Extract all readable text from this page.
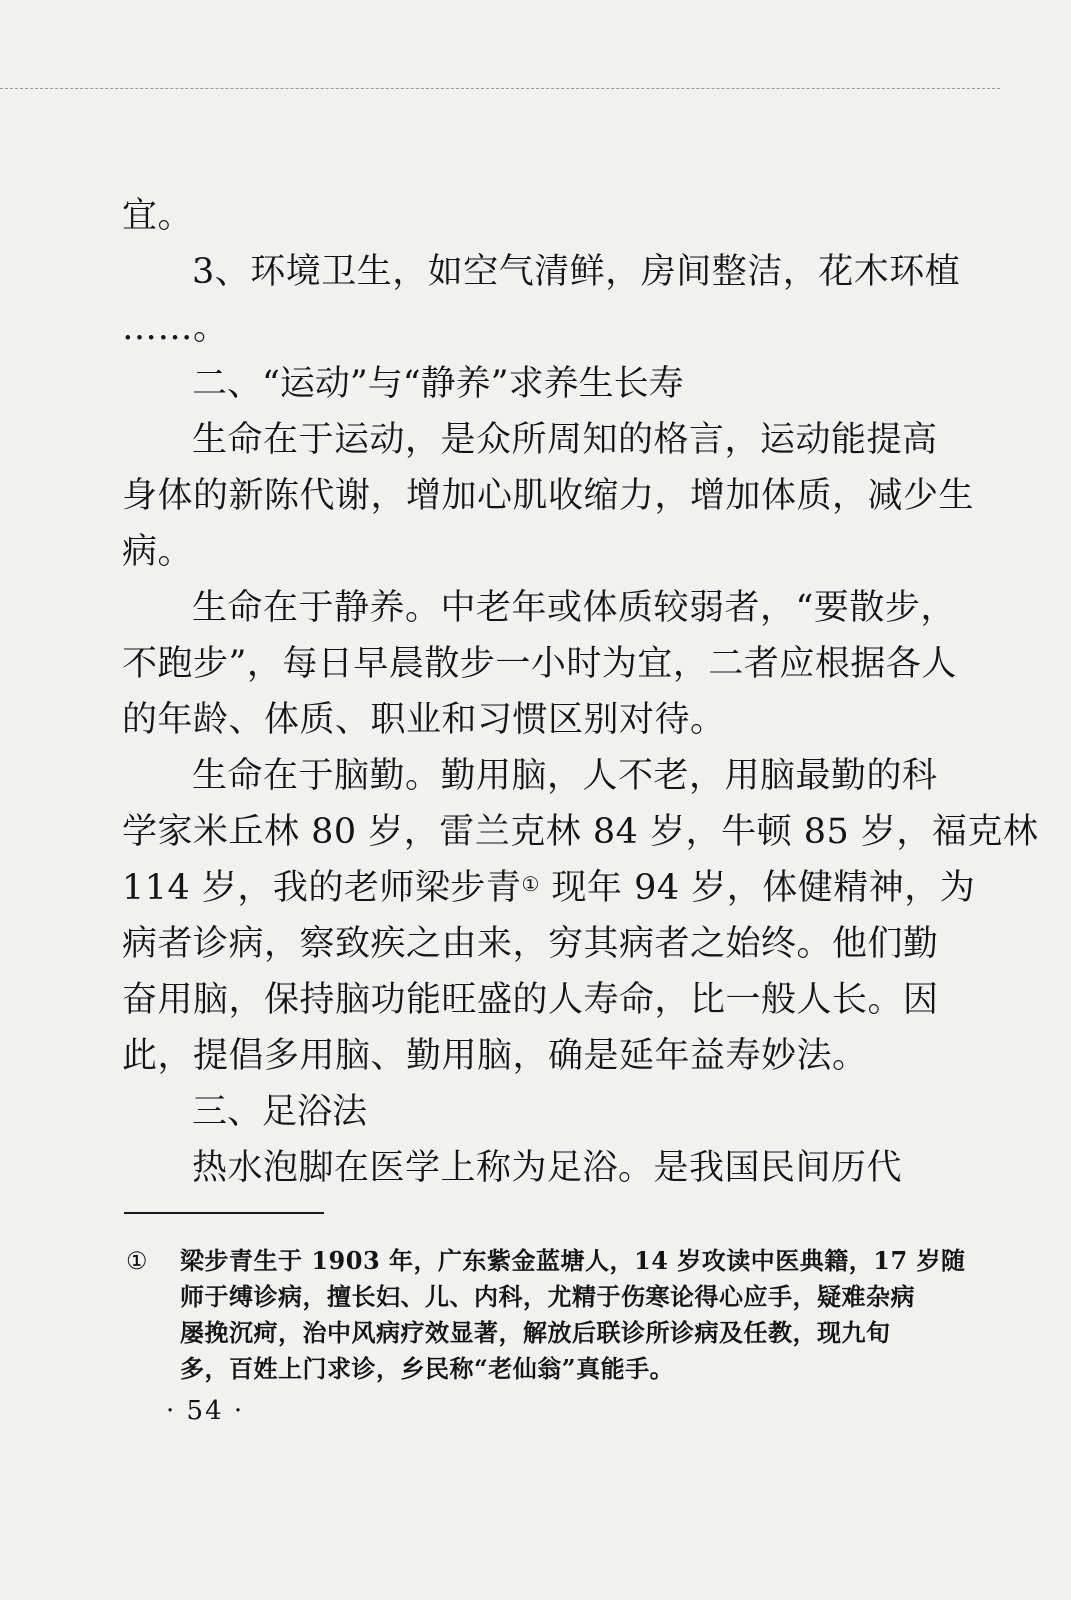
宜。
3、环境卫生，如空气清鲜，房间整洁，花木环植
……。
二、“运动”与“静养”求养生长寿
生命在于运动，是众所周知的格言，运动能提高
身体的新陈代谢，增加心肌收缩力，增加体质，减少生
病。
生命在于静养。中老年或体质较弱者，“要散步，
不跑步”，每日早晨散步一小时为宜，二者应根据各人
的年龄、体质、职业和习惯区别对待。
生命在于脑勤。勤用脑，人不老，用脑最勤的科
学家米丘林 80 岁，雷兰克林 84 岁，牛顿 85 岁，福克林
114 岁，我的老师梁步青① 现年 94 岁，体健精神，为
病者诊病，察致疾之由来，穷其病者之始终。他们勤
奋用脑，保持脑功能旺盛的人寿命，比一般人长。因
此，提倡多用脑、勤用脑，确是延年益寿妙法。
三、足浴法
热水泡脚在医学上称为足浴。是我国民间历代
① 梁步青生于 1903 年，广东紫金蓝塘人，14 岁攻读中医典籍，17 岁随
师于缚诊病，擅长妇、儿、内科，尤精于伤寒论得心应手，疑难杂病
屡挽沉疴，治中风病疗效显著，解放后联诊所诊病及任教，现九旬
多，百姓上门求诊，乡民称“老仙翁”真能手。
· 54 ·
